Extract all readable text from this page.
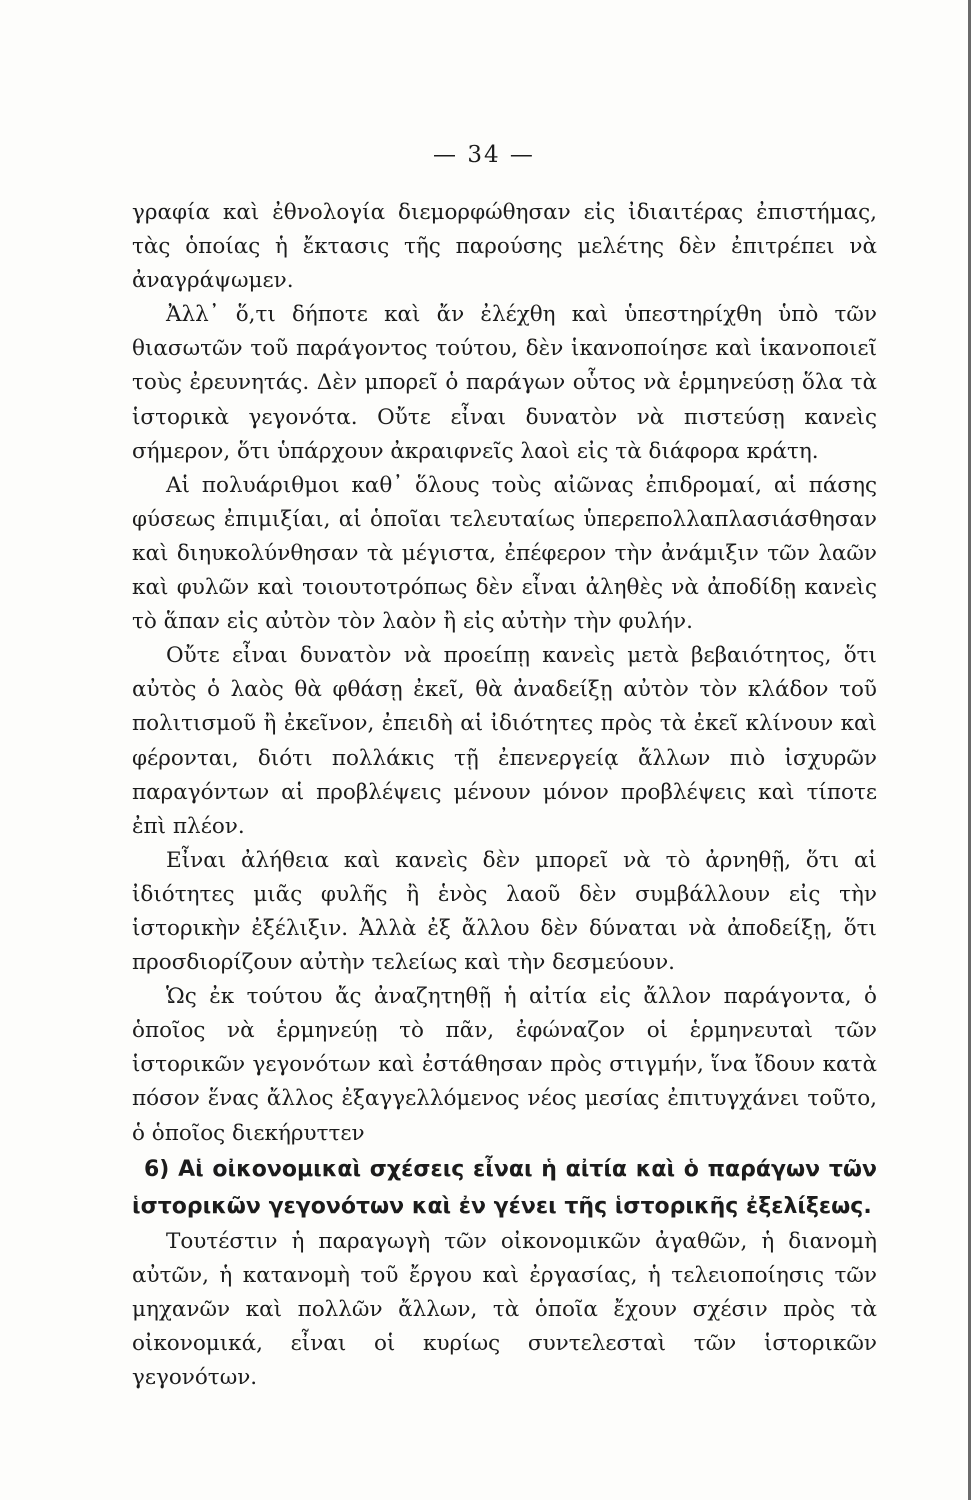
— 34 —

γραφία καὶ ἐθνολογία διεμορφώθησαν εἰς ἰδιαιτέρας ἐπιστήμας, τὰς ὁποίας ἡ ἔκτασις τῆς παρούσης μελέτης δὲν ἐπιτρέπει νὰ ἀναγράψωμεν.

Ἀλλ᾽ ὅ,τι δήποτε καὶ ἄν ἐλέχθη καὶ ὑπεστηρίχθη ὑπὸ τῶν θιασωτῶν τοῦ παράγοντος τούτου, δὲν ἱκανοποίησε καὶ ἱκανοποιεῖ τοὺς ἐρευνητάς. Δὲν μπορεῖ ὁ παράγων οὗτος νὰ ἑρμηνεύσῃ ὅλα τὰ ἱστορικὰ γεγονότα. Οὔτε εἶναι δυνατὸν νὰ πιστεύσῃ κανεὶς σήμερον, ὅτι ὑπάρχουν ἀκραιφνεῖς λαοὶ εἰς τὰ διάφορα κράτη.

Αἱ πολυάριθμοι καθ᾽ ὅλους τοὺς αἰῶνας ἐπιδρομαί, αἱ πάσης φύσεως ἐπιμιξίαι, αἱ ὁποῖαι τελευταίως ὑπερεπολλαπλασιάσθησαν καὶ διηυκολύνθησαν τὰ μέγιστα, ἐπέφερον τὴν ἀνάμιξιν τῶν λαῶν καὶ φυλῶν καὶ τοιουτοτρόπως δὲν εἶναι ἀληθὲς νὰ ἀποδίδῃ κανεὶς τὸ ἅπαν εἰς αὐτὸν τὸν λαὸν ἢ εἰς αὐτὴν τὴν φυλήν.

Οὔτε εἶναι δυνατὸν νὰ προείπῃ κανεὶς μετὰ βεβαιότητος, ὅτι αὐτὸς ὁ λαὸς θὰ φθάσῃ ἐκεῖ, θὰ ἀναδείξῃ αὐτὸν τὸν κλάδον τοῦ πολιτισμοῦ ἢ ἐκεῖνον, ἐπειδὴ αἱ ἰδιότητες πρὸς τὰ ἐκεῖ κλίνουν καὶ φέρονται, διότι πολλάκις τῇ ἐπενεργείᾳ ἄλλων πιὸ ἰσχυρῶν παραγόντων αἱ προβλέψεις μένουν μόνον προβλέψεις καὶ τίποτε ἐπὶ πλέον.

Εἶναι ἀλήθεια καὶ κανεὶς δὲν μπορεῖ νὰ τὸ ἀρνηθῇ, ὅτι αἱ ἰδιότητες μιᾶς φυλῆς ἢ ἑνὸς λαοῦ δὲν συμβάλλουν εἰς τὴν ἱστορικὴν ἐξέλιξιν. Ἀλλὰ ἐξ ἄλλου δὲν δύναται νὰ ἀποδείξῃ, ὅτι προσδιορίζουν αὐτὴν τελείως καὶ τὴν δεσμεύουν.

Ὡς ἐκ τούτου ἄς ἀναζητηθῇ ἡ αἰτία εἰς ἄλλον παράγοντα, ὁ ὁποῖος νὰ ἑρμηνεύῃ τὸ πᾶν, ἐφώναζον οἱ ἑρμηνευταὶ τῶν ἱστορικῶν γεγονότων καὶ ἐστάθησαν πρὸς στιγμήν, ἵνα ἴδουν κατὰ πόσον ἕνας ἄλλος ἐξαγγελλόμενος νέος μεσίας ἐπιτυγχάνει τοῦτο, ὁ ὁποῖος διεκήρυττεν

6) Αἱ οἰκονομικαὶ σχέσεις εἶναι ἡ αἰτία καὶ ὁ παράγων τῶν ἱστορικῶν γεγονότων καὶ ἐν γένει τῆς ἱστορικῆς ἐξελίξεως.

Τουτέστιν ἡ παραγωγὴ τῶν οἰκονομικῶν ἀγαθῶν, ἡ διανομὴ αὐτῶν, ἡ κατανομὴ τοῦ ἔργου καὶ ἐργασίας, ἡ τελειοποίησις τῶν μηχανῶν καὶ πολλῶν ἄλλων, τὰ ὁποῖα ἔχουν σχέσιν πρὸς τὰ οἰκονομικά, εἶναι οἱ κυρίως συντελεσταὶ τῶν ἱστορικῶν γεγονότων.
